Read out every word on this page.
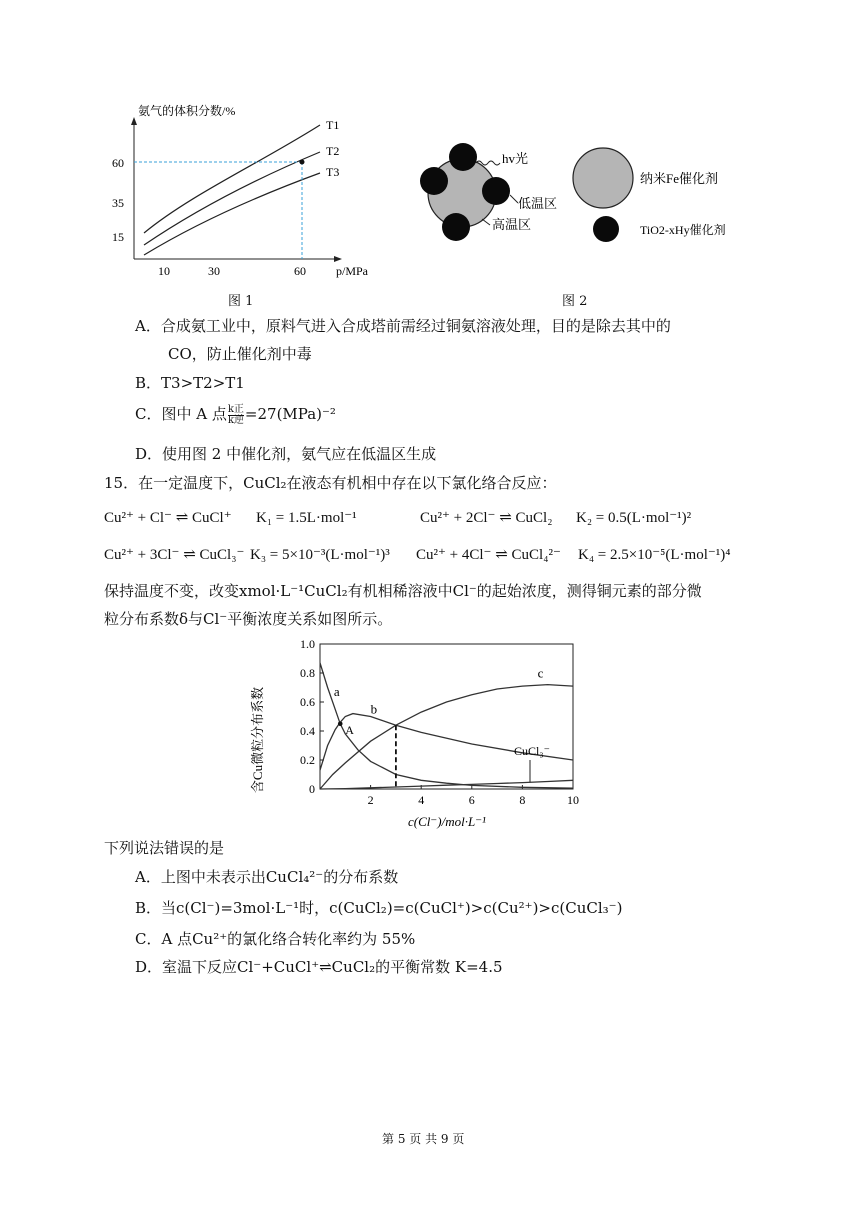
氨气的体积分数/%
60
35
15
10	30	60	p/MPa
T1
T2
T3
图 1
hv光
低温区
高温区
纳米Fe催化剂
TiO2-xHy催化剂
图 2
A．合成氨工业中，原料气进入合成塔前需经过铜氨溶液处理，目的是除去其中的
CO，防止催化剂中毒
B．T3>T2>T1
C．图中 A 点 k正
k逆 =27(MPa)⁻²
D．使用图 2 中催化剂，氨气应在低温区生成
15．在一定温度下，CuCl₂在液态有机相中存在以下氯化络合反应：
Cu²⁺ + Cl⁻ ⇌ CuCl⁺ K₁ = 1.5L·mol⁻¹	Cu²⁺ + 2Cl⁻ ⇌ CuCl₂ K₂ = 0.5(L·mol⁻¹)²
Cu²⁺ + 3Cl⁻ ⇌ CuCl₃⁻ K₃ = 5×10⁻³(L·mol⁻¹)³ Cu²⁺ + 4Cl⁻ ⇌ CuCl₄²⁻ K₄ = 2.5×10⁻⁵(L·mol⁻¹)⁴
保持温度不变，改变xmol·L⁻¹CuCl₂有机相稀溶液中Cl⁻的起始浓度，测得铜元素的部分微
粒分布系数δ与Cl⁻平衡浓度关系如图所示。
含Cu微粒分布系数
c(Cl⁻)/mol·L⁻¹
0
0.2
0.4
0.6
0.8
1.0
2	4	6	8	10
a
b
c
A
CuCl₃⁻
下列说法错误的是
A．上图中未表示出CuCl₄²⁻的分布系数
B．当c(Cl⁻)=3mol·L⁻¹时，c(CuCl₂)=c(CuCl⁺)>c(Cu²⁺)>c(CuCl₃⁻)
C．A 点Cu²⁺的氯化络合转化率约为 55%
D．室温下反应Cl⁻+CuCl⁺⇌CuCl₂的平衡常数 K=4.5
第 5 页 共 9 页
